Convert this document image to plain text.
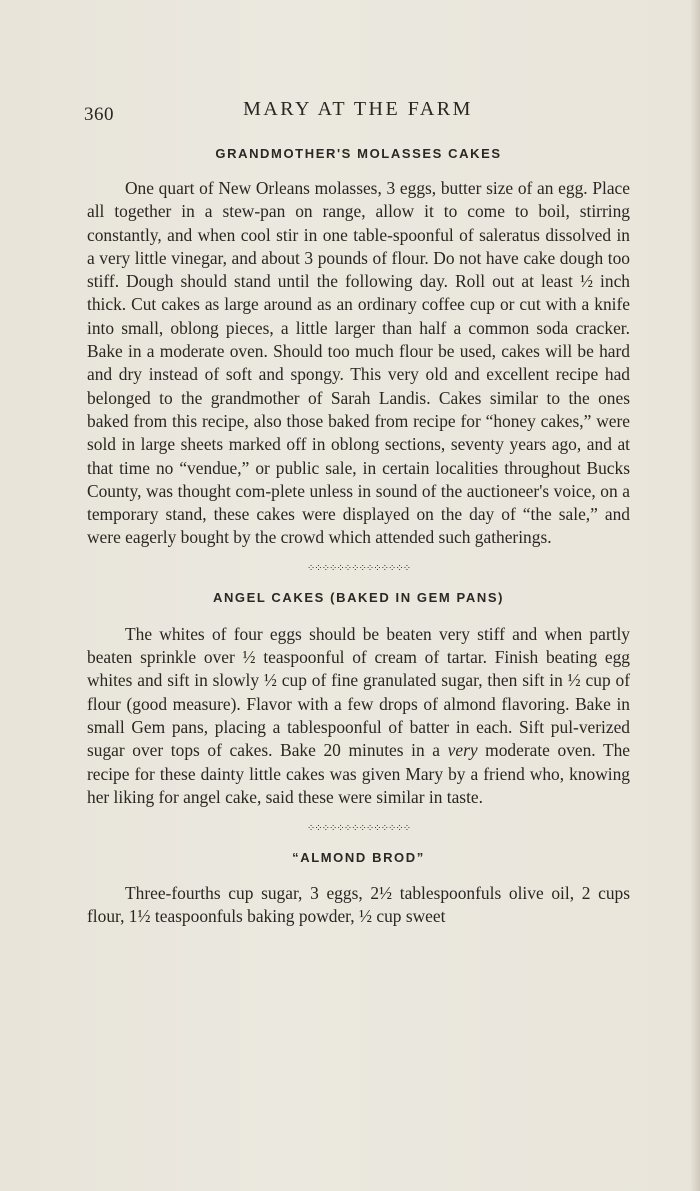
360	MARY AT THE FARM
GRANDMOTHER'S MOLASSES CAKES

One quart of New Orleans molasses, 3 eggs, butter size of an egg. Place all together in a stew-pan on range, allow it to come to boil, stirring constantly, and when cool stir in one table-spoonful of saleratus dissolved in a very little vinegar, and about 3 pounds of flour. Do not have cake dough too stiff. Dough should stand until the following day. Roll out at least ½ inch thick. Cut cakes as large around as an ordinary coffee cup or cut with a knife into small, oblong pieces, a little larger than half a common soda cracker. Bake in a moderate oven. Should too much flour be used, cakes will be hard and dry instead of soft and spongy. This very old and excellent recipe had belonged to the grandmother of Sarah Landis. Cakes similar to the ones baked from this recipe, also those baked from recipe for “honey cakes,” were sold in large sheets marked off in oblong sections, seventy years ago, and at that time no “vendue,” or public sale, in certain localities throughout Bucks County, was thought com-plete unless in sound of the auctioneer's voice, on a temporary stand, these cakes were displayed on the day of “the sale,” and were eagerly bought by the crowd which attended such gatherings.

⁘⁘⁘⁘⁘⁘⁘⁘⁘⁘⁘⁘⁘⁘

ANGEL CAKES (BAKED IN GEM PANS)

The whites of four eggs should be beaten very stiff and when partly beaten sprinkle over ½ teaspoonful of cream of tartar. Finish beating egg whites and sift in slowly ½ cup of fine granulated sugar, then sift in ½ cup of flour (good measure). Flavor with a few drops of almond flavoring. Bake in small Gem pans, placing a tablespoonful of batter in each. Sift pul-verized sugar over tops of cakes. Bake 20 minutes in a very moderate oven. The recipe for these dainty little cakes was given Mary by a friend who, knowing her liking for angel cake, said these were similar in taste.

⁘⁘⁘⁘⁘⁘⁘⁘⁘⁘⁘⁘⁘⁘

“ALMOND BROD”

Three-fourths cup sugar, 3 eggs, 2½ tablespoonfuls olive oil, 2 cups flour, 1½ teaspoonfuls baking powder, ½ cup sweet
